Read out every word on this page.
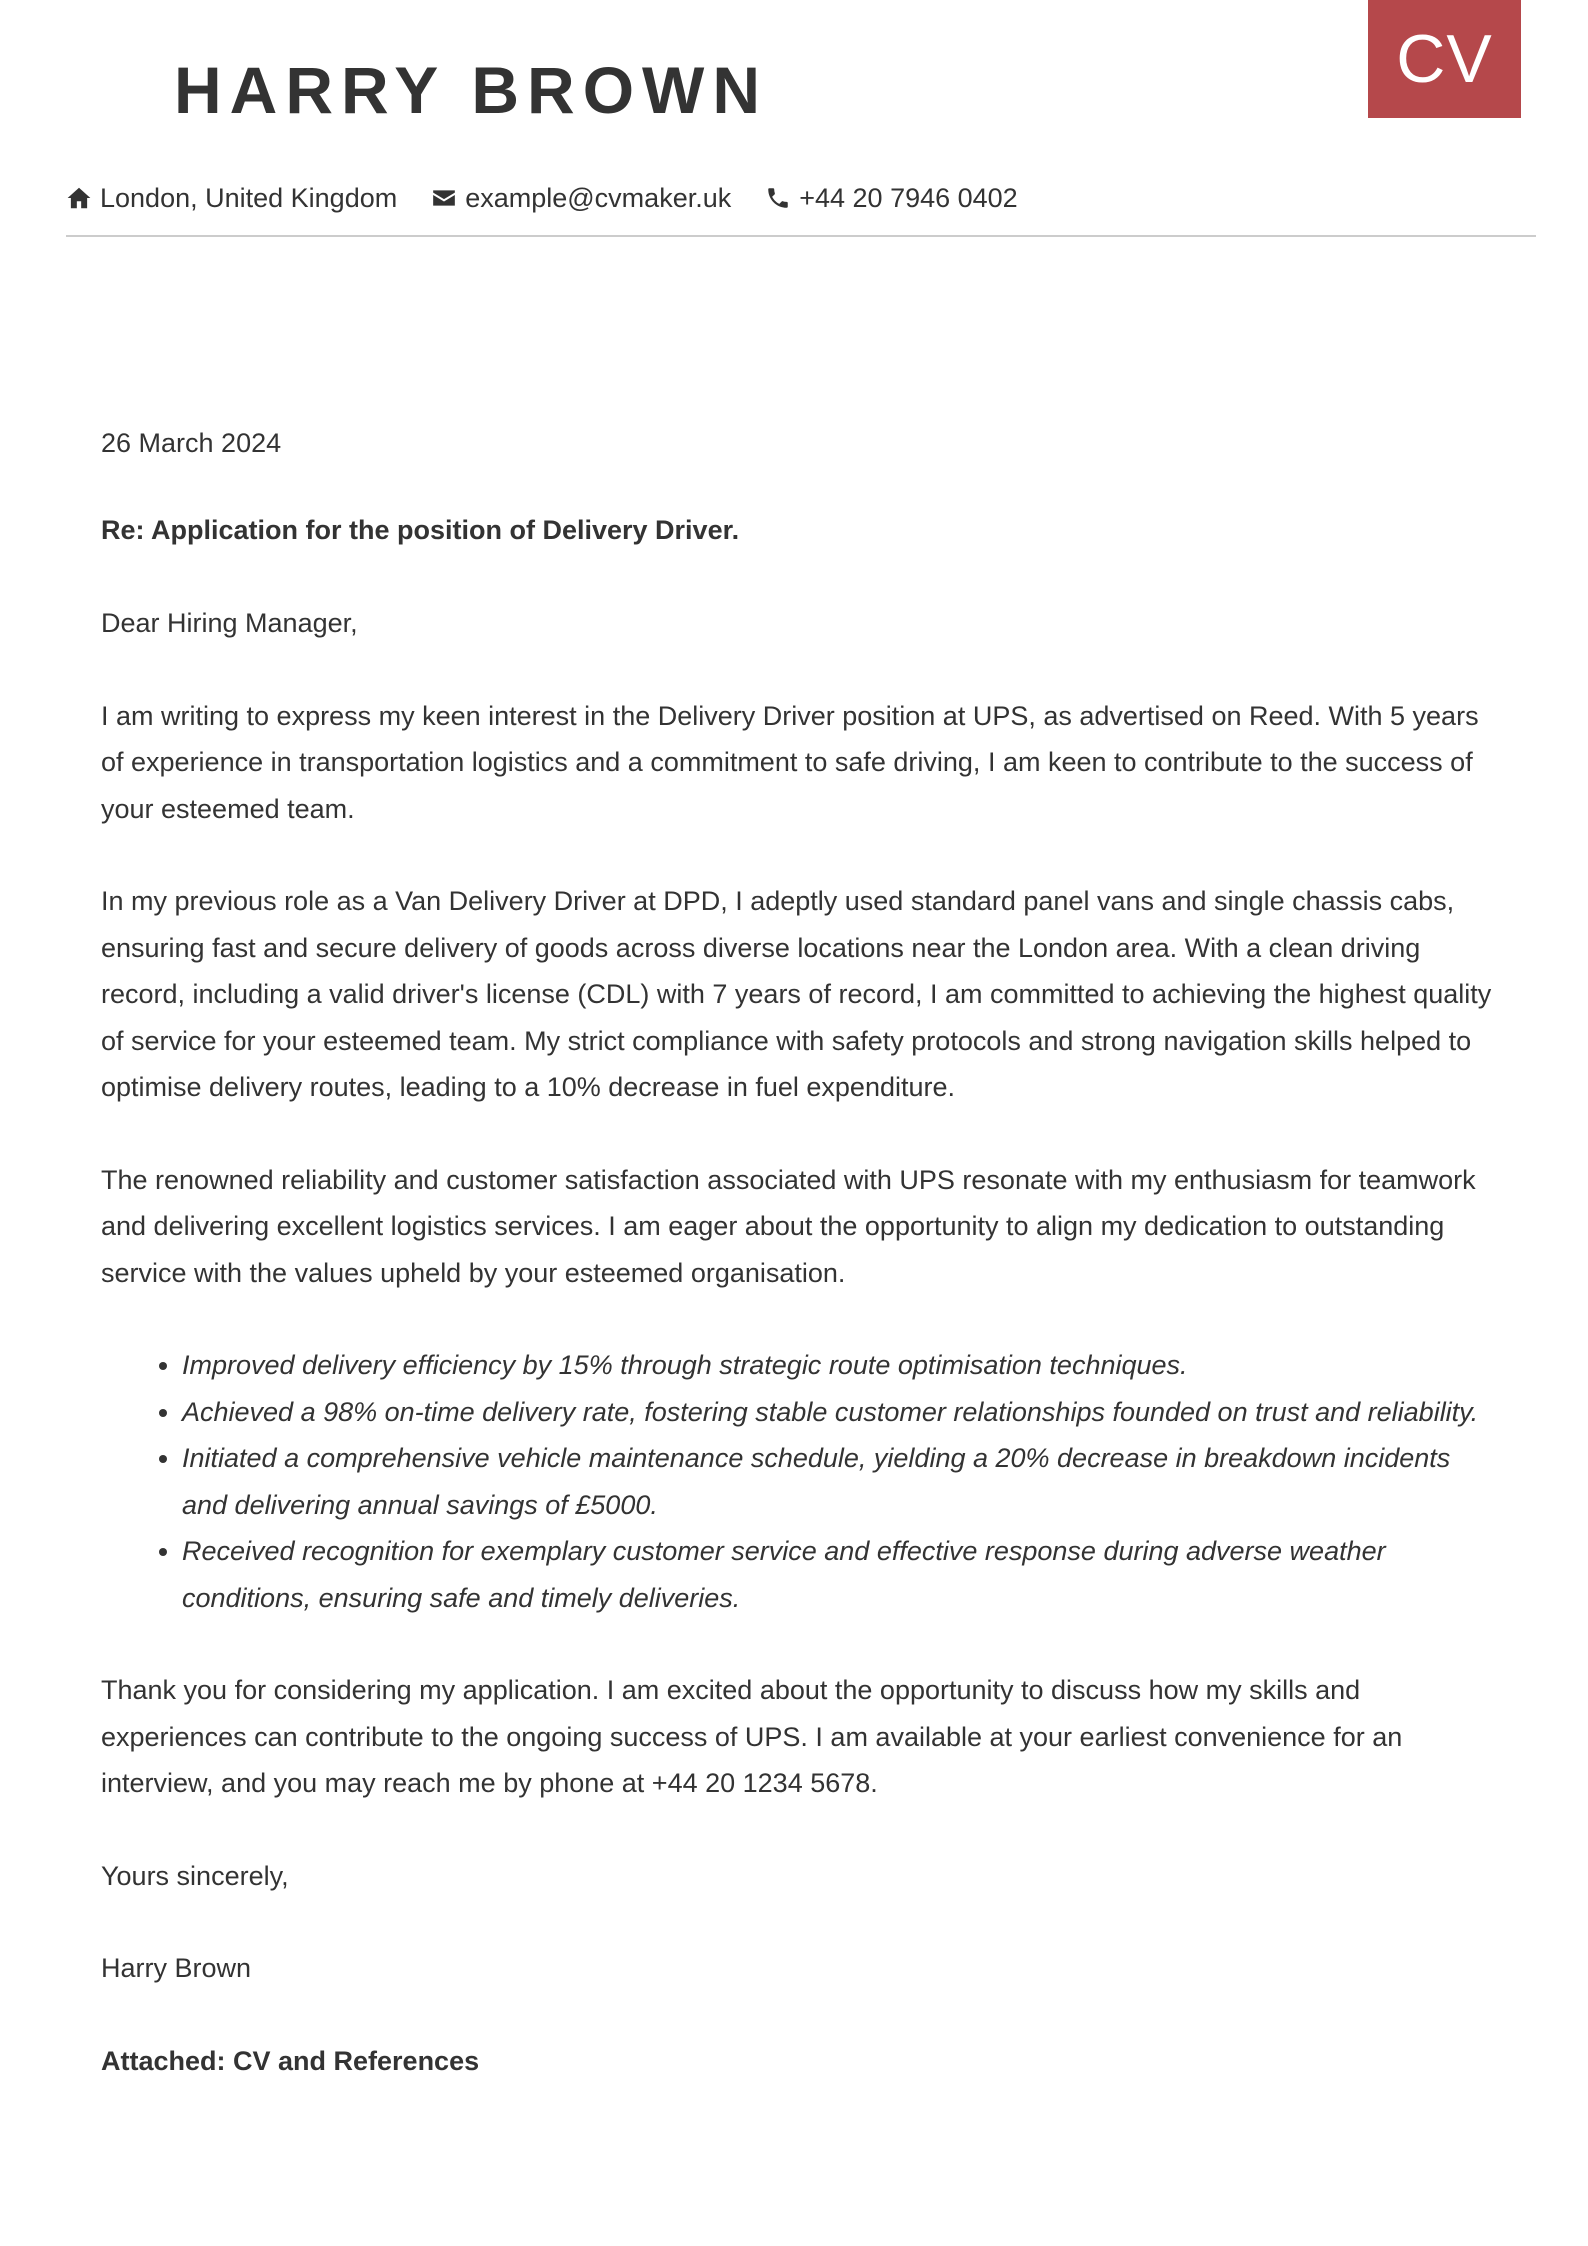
CV
HARRY BROWN
London, United Kingdom	example@cvmaker.uk	+44 20 7946 0402

26 March 2024

Re: Application for the position of Delivery Driver.

Dear Hiring Manager,

I am writing to express my keen interest in the Delivery Driver position at UPS, as advertised on Reed. With 5 years of experience in transportation logistics and a commitment to safe driving, I am keen to contribute to the success of your esteemed team.

In my previous role as a Van Delivery Driver at DPD, I adeptly used standard panel vans and single chassis cabs, ensuring fast and secure delivery of goods across diverse locations near the London area. With a clean driving record, including a valid driver's license (CDL) with 7 years of record, I am committed to achieving the highest quality of service for your esteemed team. My strict compliance with safety protocols and strong navigation skills helped to optimise delivery routes, leading to a 10% decrease in fuel expenditure.

The renowned reliability and customer satisfaction associated with UPS resonate with my enthusiasm for teamwork and delivering excellent logistics services. I am eager about the opportunity to align my dedication to outstanding service with the values upheld by your esteemed organisation.

• Improved delivery efficiency by 15% through strategic route optimisation techniques.
• Achieved a 98% on-time delivery rate, fostering stable customer relationships founded on trust and reliability.
• Initiated a comprehensive vehicle maintenance schedule, yielding a 20% decrease in breakdown incidents and delivering annual savings of £5000.
• Received recognition for exemplary customer service and effective response during adverse weather conditions, ensuring safe and timely deliveries.

Thank you for considering my application. I am excited about the opportunity to discuss how my skills and experiences can contribute to the ongoing success of UPS. I am available at your earliest convenience for an interview, and you may reach me by phone at +44 20 1234 5678.

Yours sincerely,

Harry Brown

Attached: CV and References
